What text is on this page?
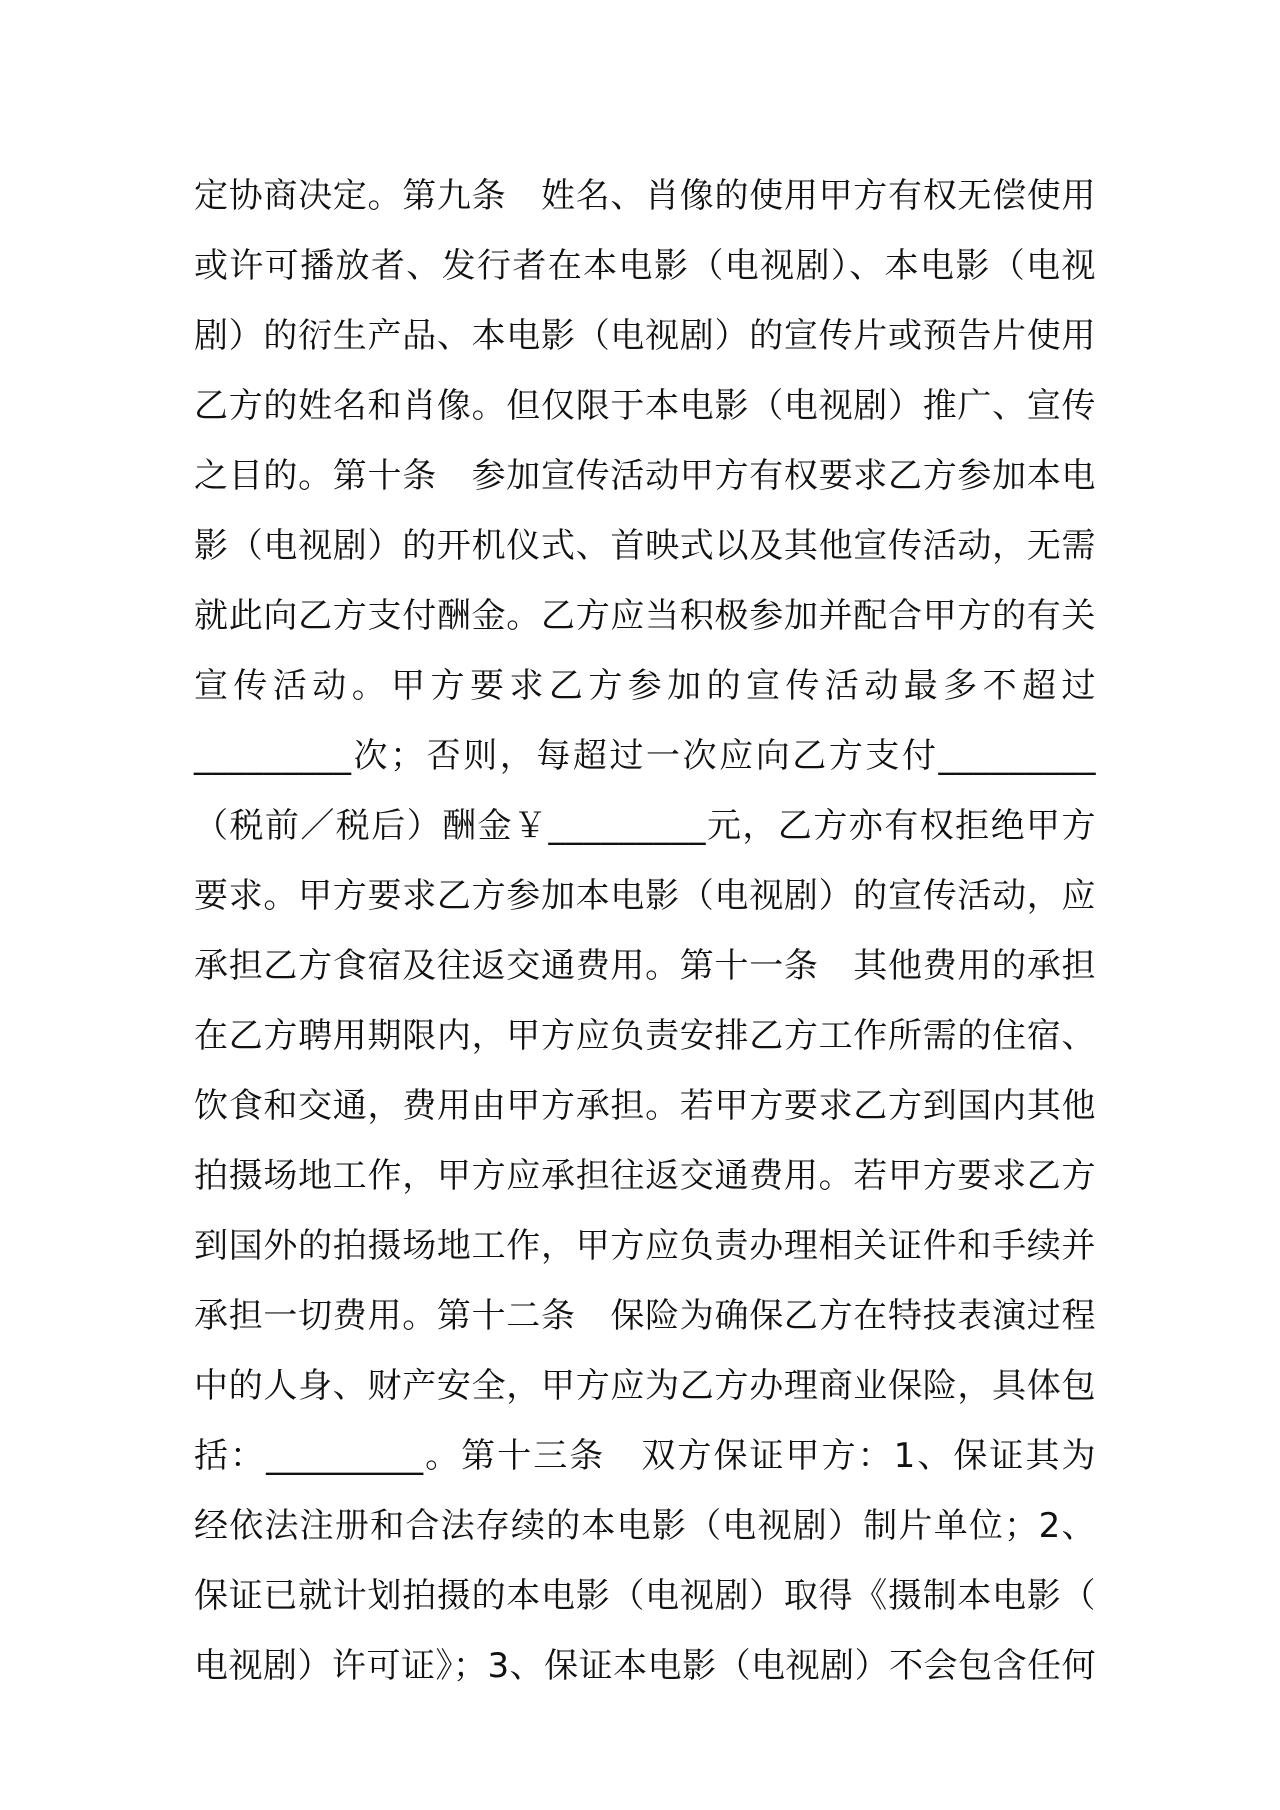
定协商决定。第九条　姓名、肖像的使用甲方有权无偿使用
或许可播放者、发行者在本电影（电视剧）、本电影（电视
剧）的衍生产品、本电影（电视剧）的宣传片或预告片使用
乙方的姓名和肖像。但仅限于本电影（电视剧）推广、宣传
之目的。第十条　参加宣传活动甲方有权要求乙方参加本电
影（电视剧）的开机仪式、首映式以及其他宣传活动，无需
就此向乙方支付酬金。乙方应当积极参加并配合甲方的有关
宣传活动。甲方要求乙方参加的宣传活动最多不超过
_________次；否则，每超过一次应向乙方支付_________
（税前／税后）酬金￥_________元，乙方亦有权拒绝甲方
要求。甲方要求乙方参加本电影（电视剧）的宣传活动，应
承担乙方食宿及往返交通费用。第十一条　其他费用的承担
在乙方聘用期限内，甲方应负责安排乙方工作所需的住宿、
饮食和交通，费用由甲方承担。若甲方要求乙方到国内其他
拍摄场地工作，甲方应承担往返交通费用。若甲方要求乙方
到国外的拍摄场地工作，甲方应负责办理相关证件和手续并
承担一切费用。第十二条　保险为确保乙方在特技表演过程
中的人身、财产安全，甲方应为乙方办理商业保险，具体包
括：_________。第十三条　双方保证甲方：1、保证其为
经依法注册和合法存续的本电影（电视剧）制片单位；2、
保证已就计划拍摄的本电影（电视剧）取得《摄制本电影（
电视剧）许可证》；3、保证本电影（电视剧）不会包含任何
